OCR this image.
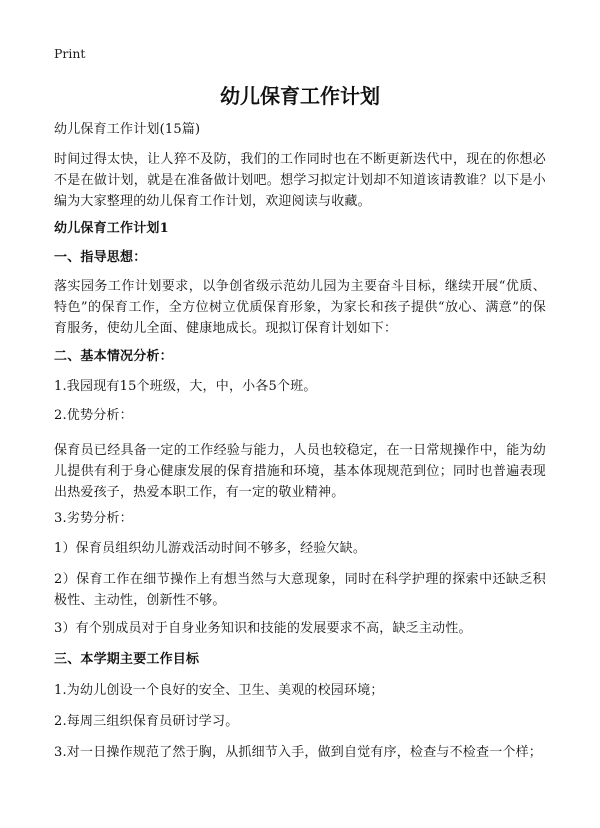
Print
幼儿保育工作计划

幼儿保育工作计划(15篇)

时间过得太快，让人猝不及防，我们的工作同时也在不断更新迭代中，现在的你想必不是在做计划，就是在准备做计划吧。想学习拟定计划却不知道该请教谁？以下是小编为大家整理的幼儿保育工作计划，欢迎阅读与收藏。

幼儿保育工作计划1

一、指导思想：

落实园务工作计划要求，以争创省级示范幼儿园为主要奋斗目标，继续开展“优质、特色”的保育工作，全方位树立优质保育形象，为家长和孩子提供“放心、满意”的保育服务，使幼儿全面、健康地成长。现拟订保育计划如下：

二、基本情况分析：

1.我园现有15个班级，大，中，小各5个班。

2.优势分析：

保育员已经具备一定的工作经验与能力，人员也较稳定，在一日常规操作中，能为幼儿提供有利于身心健康发展的保育措施和环境，基本体现规范到位；同时也普遍表现出热爱孩子，热爱本职工作，有一定的敬业精神。

3.劣势分析：

1）保育员组织幼儿游戏活动时间不够多，经验欠缺。

2）保育工作在细节操作上有想当然与大意现象，同时在科学护理的探索中还缺乏积极性、主动性，创新性不够。

3）有个别成员对于自身业务知识和技能的发展要求不高，缺乏主动性。

三、本学期主要工作目标

1.为幼儿创设一个良好的安全、卫生、美观的校园环境；

2.每周三组织保育员研讨学习。

3.对一日操作规范了然于胸，从抓细节入手，做到自觉有序，检查与不检查一个样；
